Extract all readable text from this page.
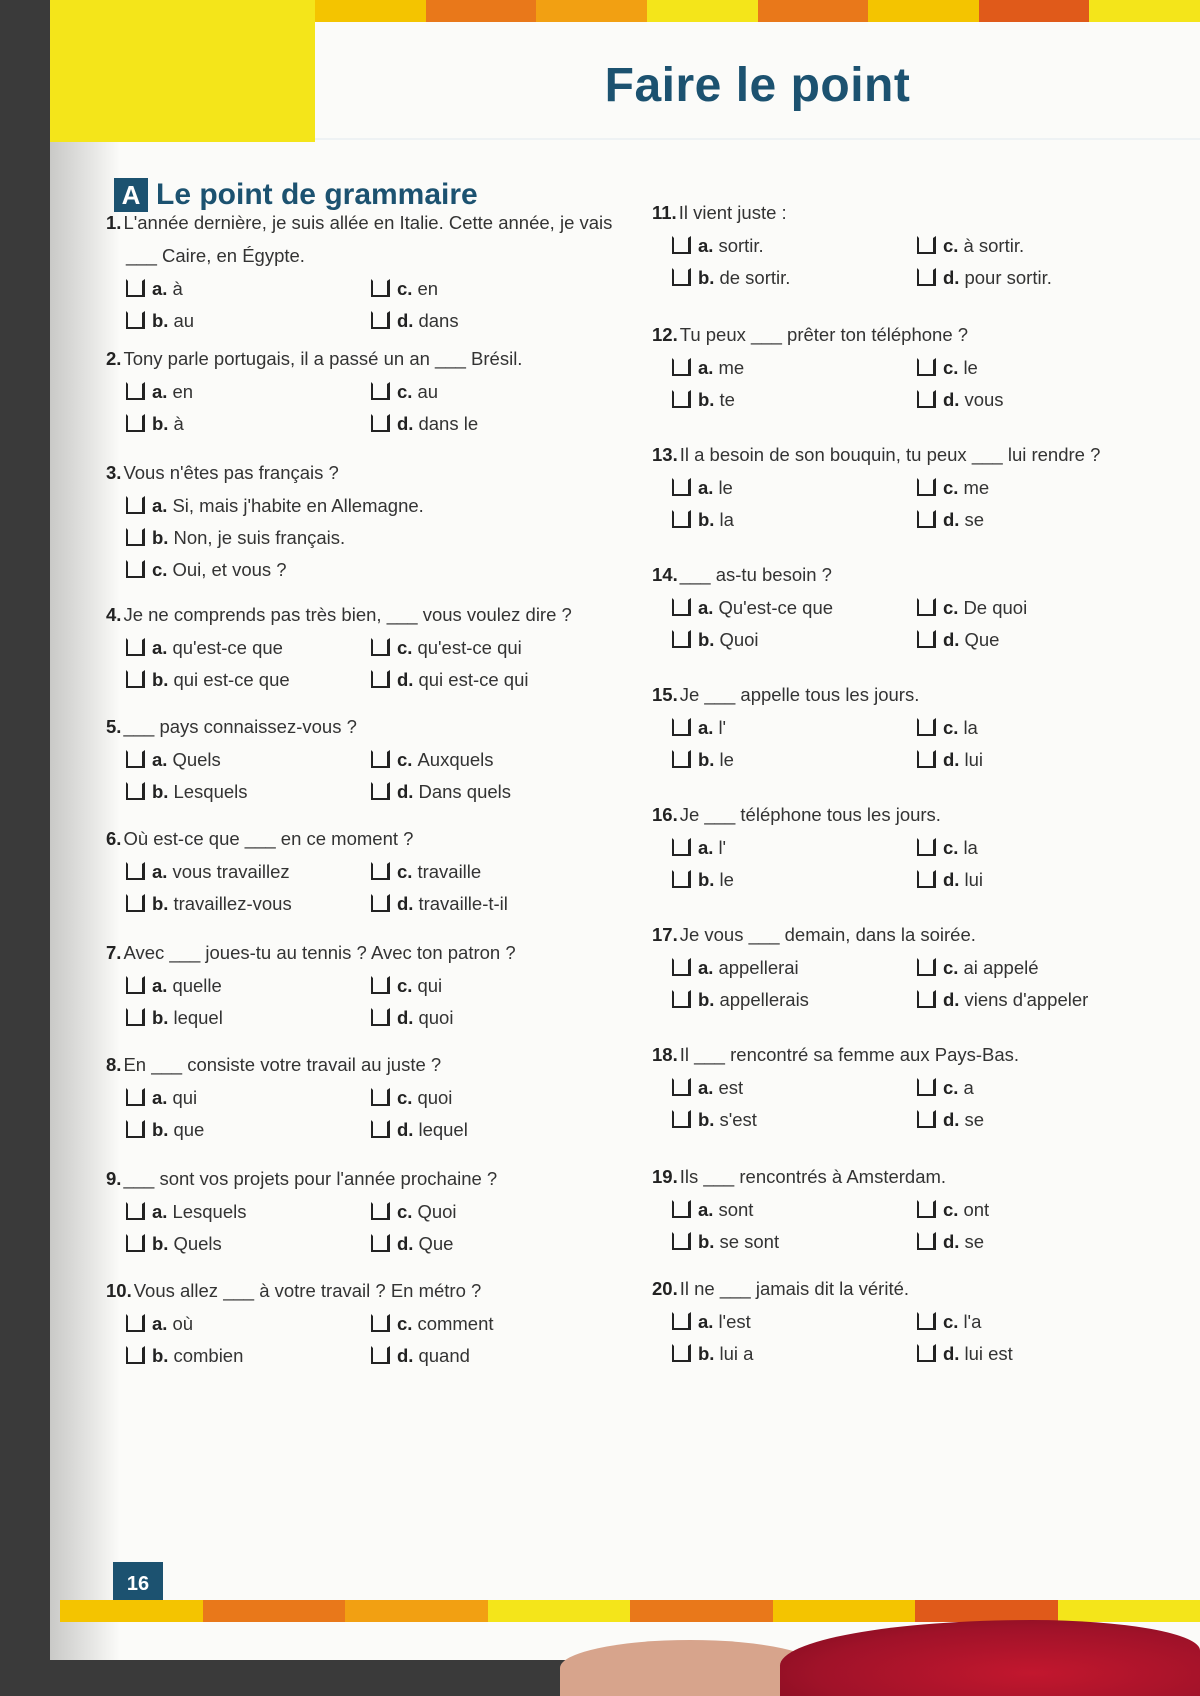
Faire le point
A Le point de grammaire
1. L'année dernière, je suis allée en Italie. Cette année, je vais
___ Caire, en Égypte.
a. à	c. en
b. au	d. dans
2. Tony parle portugais, il a passé un an ___ Brésil.
a. en	c. au
b. à	d. dans le
3. Vous n'êtes pas français ?
a. Si, mais j'habite en Allemagne.
b. Non, je suis français.
c. Oui, et vous ?
4. Je ne comprends pas très bien, ___ vous voulez dire ?
a. qu'est-ce que	c. qu'est-ce qui
b. qui est-ce que	d. qui est-ce qui
5. ___ pays connaissez-vous ?
a. Quels	c. Auxquels
b. Lesquels	d. Dans quels
6. Où est-ce que ___ en ce moment ?
a. vous travaillez	c. travaille
b. travaillez-vous	d. travaille-t-il
7. Avec ___ joues-tu au tennis ? Avec ton patron ?
a. quelle	c. qui
b. lequel	d. quoi
8. En ___ consiste votre travail au juste ?
a. qui	c. quoi
b. que	d. lequel
9. ___ sont vos projets pour l'année prochaine ?
a. Lesquels	c. Quoi
b. Quels	d. Que
10. Vous allez ___ à votre travail ? En métro ?
a. où	c. comment
b. combien	d. quand
11. Il vient juste :
a. sortir.	c. à sortir.
b. de sortir.	d. pour sortir.
12. Tu peux ___ prêter ton téléphone ?
a. me	c. le
b. te	d. vous
13. Il a besoin de son bouquin, tu peux ___ lui rendre ?
a. le	c. me
b. la	d. se
14. ___ as-tu besoin ?
a. Qu'est-ce que	c. De quoi
b. Quoi	d. Que
15. Je ___ appelle tous les jours.
a. l'	c. la
b. le	d. lui
16. Je ___ téléphone tous les jours.
a. l'	c. la
b. le	d. lui
17. Je vous ___ demain, dans la soirée.
a. appellerai	c. ai appelé
b. appellerais	d. viens d'appeler
18. Il ___ rencontré sa femme aux Pays-Bas.
a. est	c. a
b. s'est	d. se
19. Ils ___ rencontrés à Amsterdam.
a. sont	c. ont
b. se sont	d. se
20. Il ne ___ jamais dit la vérité.
a. l'est	c. l'a
b. lui a	d. lui est
16
